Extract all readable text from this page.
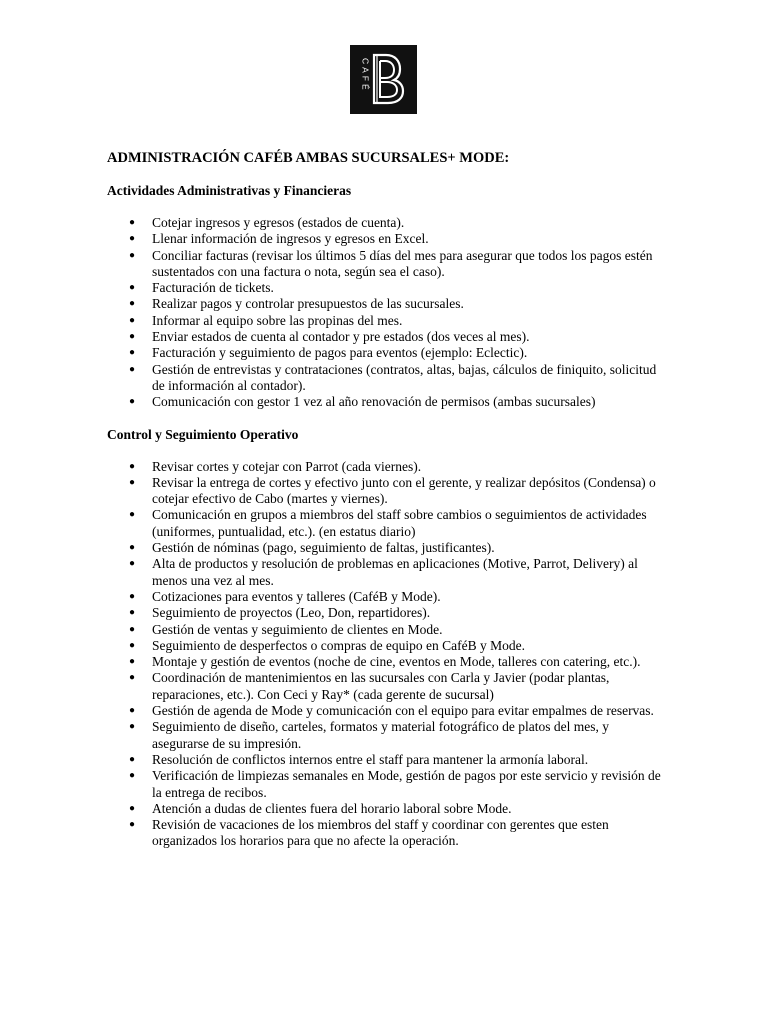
CAFÉ

ADMINISTRACIÓN CAFÉB AMBAS SUCURSALES+ MODE:

Actividades Administrativas y Financieras

● Cotejar ingresos y egresos (estados de cuenta).
● Llenar información de ingresos y egresos en Excel.
● Conciliar facturas (revisar los últimos 5 días del mes para asegurar que todos los pagos estén sustentados con una factura o nota, según sea el caso).
● Facturación de tickets.
● Realizar pagos y controlar presupuestos de las sucursales.
● Informar al equipo sobre las propinas del mes.
● Enviar estados de cuenta al contador y pre estados (dos veces al mes).
● Facturación y seguimiento de pagos para eventos (ejemplo: Eclectic).
● Gestión de entrevistas y contrataciones (contratos, altas, bajas, cálculos de finiquito, solicitud de información al contador).
● Comunicación con gestor 1 vez al año renovación de permisos (ambas sucursales)

Control y Seguimiento Operativo

● Revisar cortes y cotejar con Parrot (cada viernes).
● Revisar la entrega de cortes y efectivo junto con el gerente, y realizar depósitos (Condensa) o cotejar efectivo de Cabo (martes y viernes).
● Comunicación en grupos a miembros del staff sobre cambios o seguimientos de actividades (uniformes, puntualidad, etc.). (en estatus diario)
● Gestión de nóminas (pago, seguimiento de faltas, justificantes).
● Alta de productos y resolución de problemas en aplicaciones (Motive, Parrot, Delivery) al menos una vez al mes.
● Cotizaciones para eventos y talleres (CaféB y Mode).
● Seguimiento de proyectos (Leo, Don, repartidores).
● Gestión de ventas y seguimiento de clientes en Mode.
● Seguimiento de desperfectos o compras de equipo en CaféB y Mode.
● Montaje y gestión de eventos (noche de cine, eventos en Mode, talleres con catering, etc.).
● Coordinación de mantenimientos en las sucursales con Carla y Javier (podar plantas, reparaciones, etc.). Con Ceci y Ray* (cada gerente de sucursal)
● Gestión de agenda de Mode y comunicación con el equipo para evitar empalmes de reservas.
● Seguimiento de diseño, carteles, formatos y material fotográfico de platos del mes, y asegurarse de su impresión.
● Resolución de conflictos internos entre el staff para mantener la armonía laboral.
● Verificación de limpiezas semanales en Mode, gestión de pagos por este servicio y revisión de la entrega de recibos.
● Atención a dudas de clientes fuera del horario laboral sobre Mode.
● Revisión de vacaciones de los miembros del staff y coordinar con gerentes que esten organizados los horarios para que no afecte la operación.
